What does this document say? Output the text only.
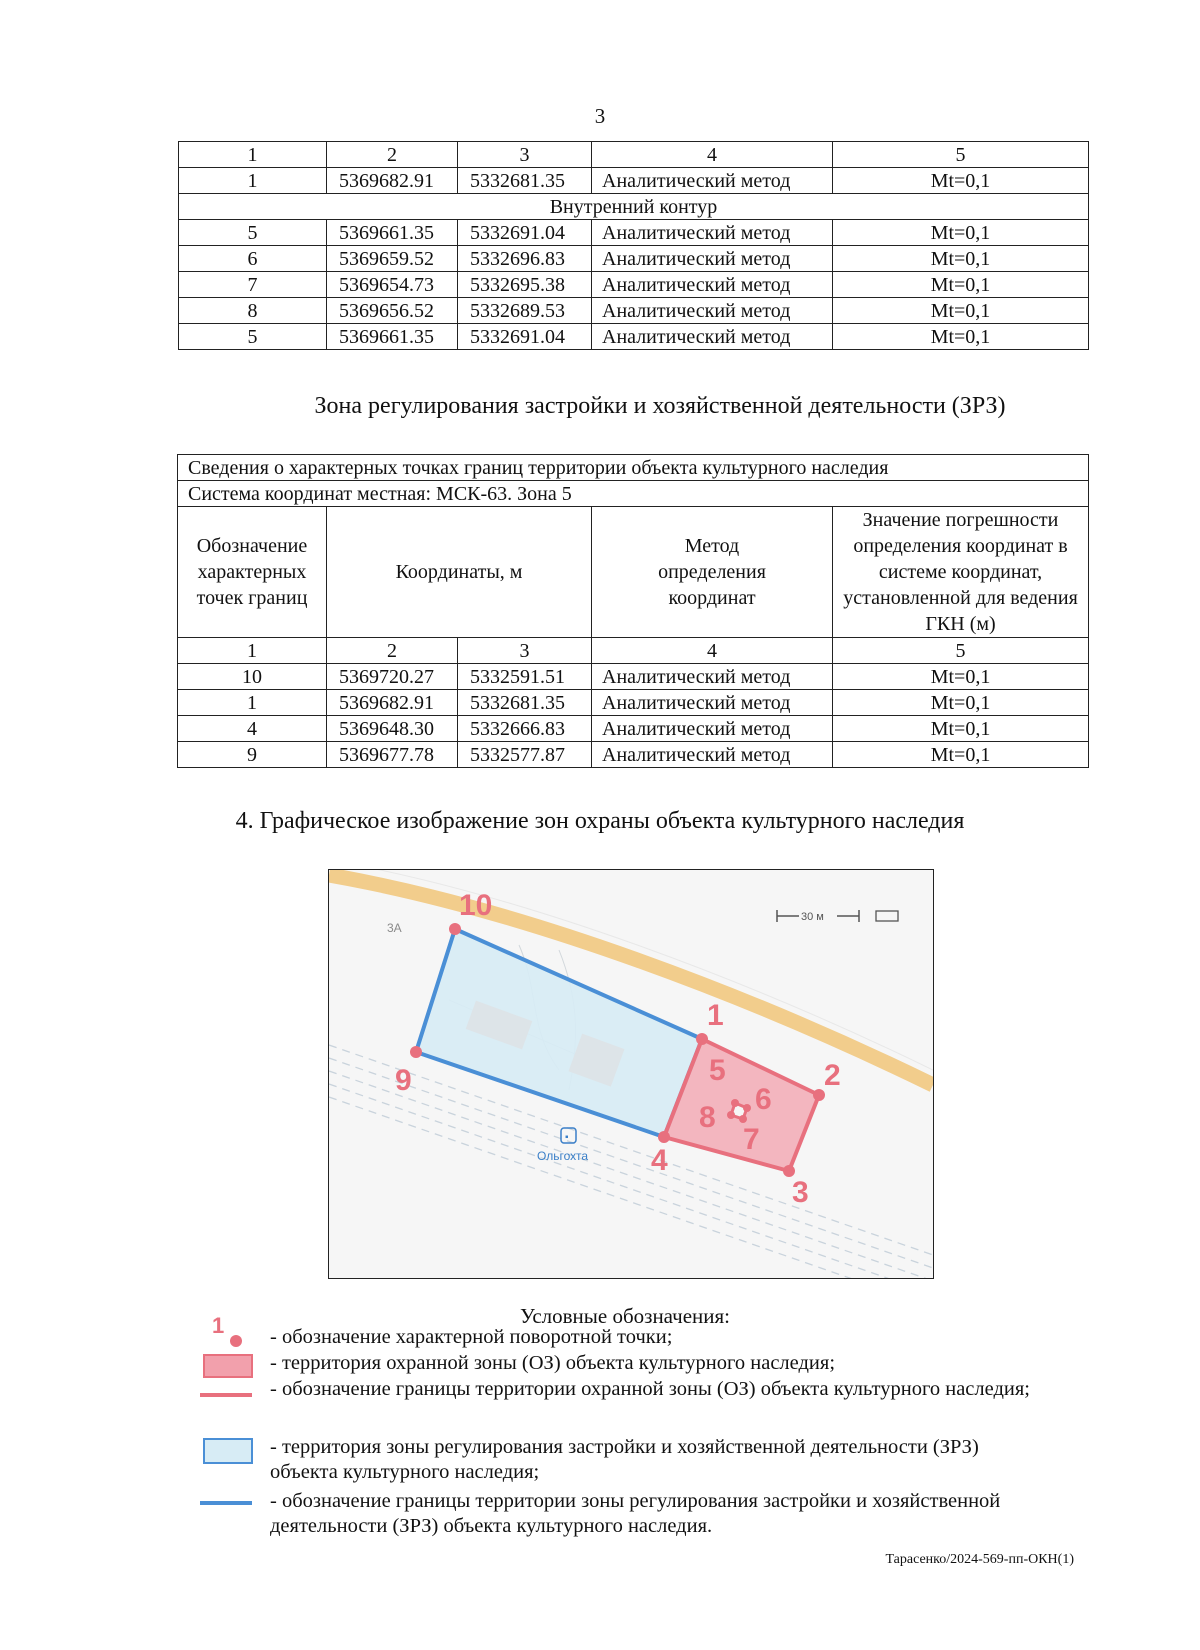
3
1	2	3	4	5
1	5369682.91	5332681.35	Аналитический метод	Mt=0,1
Внутренний контур				
5	5369661.35	5332691.04	Аналитический метод	Mt=0,1
6	5369659.52	5332696.83	Аналитический метод	Mt=0,1
7	5369654.73	5332695.38	Аналитический метод	Mt=0,1
8	5369656.52	5332689.53	Аналитический метод	Mt=0,1
5	5369661.35	5332691.04	Аналитический метод	Mt=0,1
Зона регулирования застройки и хозяйственной деятельности (ЗРЗ)
Сведения о характерных точках границ территории объекта культурного наследия				
Система координат местная: МСК-63. Зона 5				
Обозначение характерных точек границ	Координаты, м		Метод определения координат	Значение погрешности определения координат в системе координат, установленной для ведения ГКН (м)
1	2	3	4	5
10	5369720.27	5332591.51	Аналитический метод	Mt=0,1
1	5369682.91	5332681.35	Аналитический метод	Mt=0,1
4	5369648.30	5332666.83	Аналитический метод	Mt=0,1
9	5369677.78	5332577.87	Аналитический метод	Mt=0,1
4. Графическое изображение зон охраны объекта культурного наследия
10
1
2
3
4
5
6
7
8
9
3А
30 м
▪
Ольгохта
Условные обозначения:
1 - обозначение характерной поворотной точки;
- территория охранной зоны (ОЗ) объекта культурного наследия;
- обозначение границы территории охранной зоны (ОЗ) объекта культурного наследия;
- территория зоны регулирования застройки и хозяйственной деятельности (ЗРЗ) объекта культурного наследия;
- обозначение границы территории зоны регулирования застройки и хозяйственной деятельности (ЗРЗ) объекта культурного наследия.
Тарасенко/2024-569-пп-ОКН(1)
